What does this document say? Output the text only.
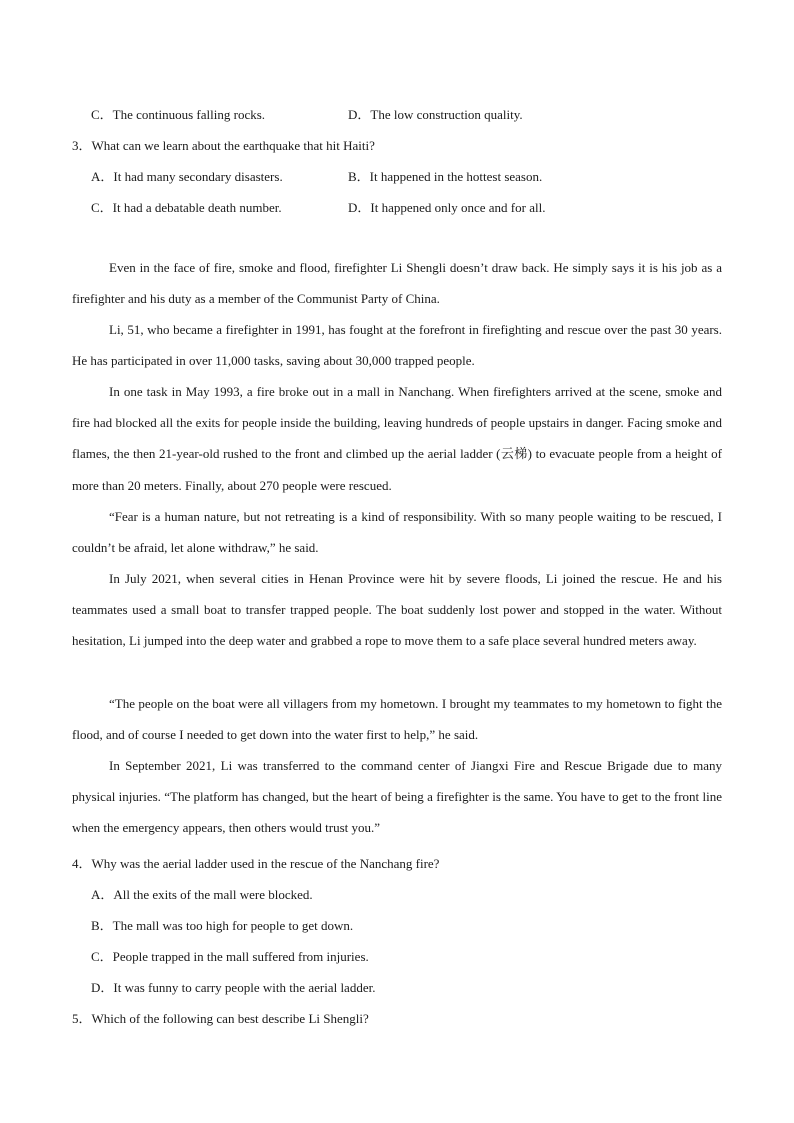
C．The continuous falling rocks.	D．The low construction quality.
3．What can we learn about the earthquake that hit Haiti?
A．It had many secondary disasters.	B．It happened in the hottest season.
C．It had a debatable death number.	D．It happened only once and for all.

Even in the face of fire, smoke and flood, firefighter Li Shengli doesn’t draw back. He simply says it is his job as a firefighter and his duty as a member of the Communist Party of China.

Li, 51, who became a firefighter in 1991, has fought at the forefront in firefighting and rescue over the past 30 years. He has participated in over 11,000 tasks, saving about 30,000 trapped people.

In one task in May 1993, a fire broke out in a mall in Nanchang. When firefighters arrived at the scene, smoke and fire had blocked all the exits for people inside the building, leaving hundreds of people upstairs in danger. Facing smoke and flames, the then 21-year-old rushed to the front and climbed up the aerial ladder (云梯) to evacuate people from a height of more than 20 meters. Finally, about 270 people were rescued.

“Fear is a human nature, but not retreating is a kind of responsibility. With so many people waiting to be rescued, I couldn’t be afraid, let alone withdraw,” he said.

In July 2021, when several cities in Henan Province were hit by severe floods, Li joined the rescue. He and his teammates used a small boat to transfer trapped people. The boat suddenly lost power and stopped in the water. Without hesitation, Li jumped into the deep water and grabbed a rope to move them to a safe place several hundred meters away.

“The people on the boat were all villagers from my hometown. I brought my teammates to my hometown to fight the flood, and of course I needed to get down into the water first to help,” he said.

In September 2021, Li was transferred to the command center of Jiangxi Fire and Rescue Brigade due to many physical injuries. “The platform has changed, but the heart of being a firefighter is the same. You have to get to the front line when the emergency appears, then others would trust you.”

4．Why was the aerial ladder used in the rescue of the Nanchang fire?
A．All the exits of the mall were blocked.
B．The mall was too high for people to get down.
C．People trapped in the mall suffered from injuries.
D．It was funny to carry people with the aerial ladder.
5．Which of the following can best describe Li Shengli?
